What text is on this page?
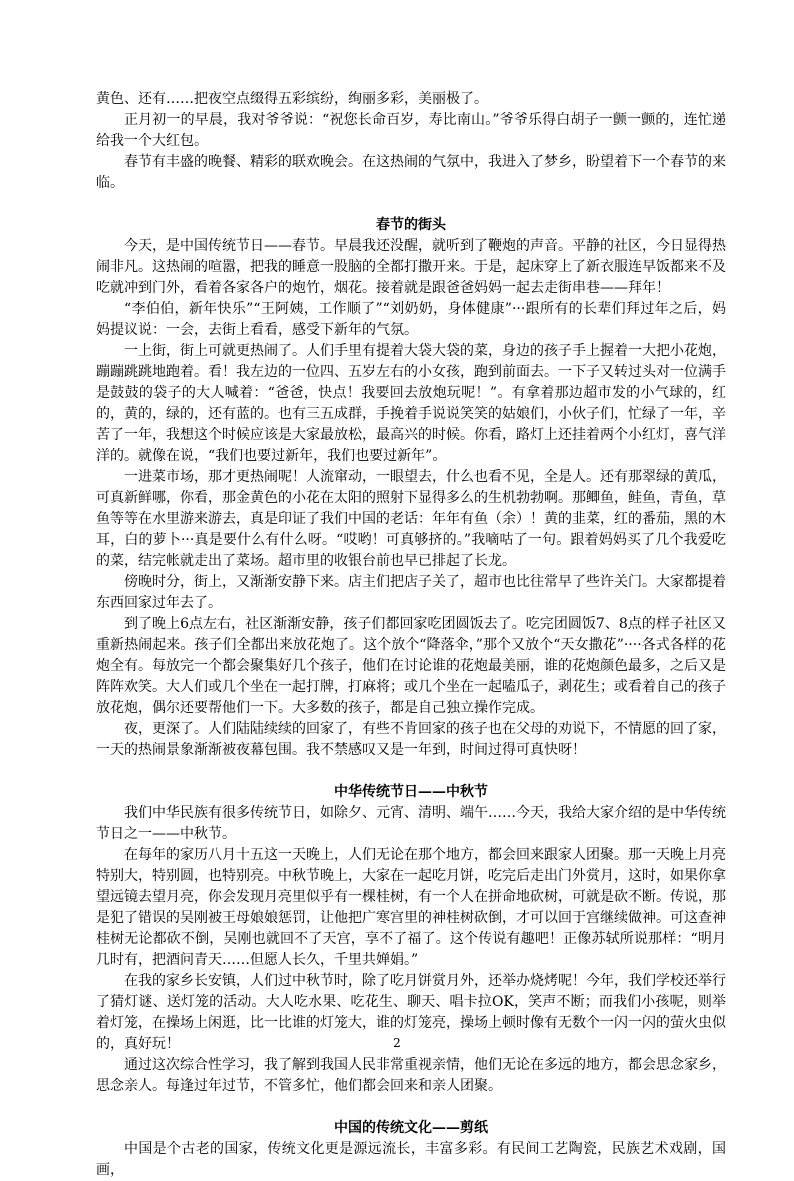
黄色、还有……把夜空点缀得五彩缤纷，绚丽多彩，美丽极了。

正月初一的早晨，我对爷爷说：“祝您长命百岁，寿比南山。”爷爷乐得白胡子一颤一颤的，连忙递给我一个大红包。

春节有丰盛的晚餐、精彩的联欢晚会。在这热闹的气氛中，我进入了梦乡，盼望着下一个春节的来临。

春节的街头

今天，是中国传统节日——春节。早晨我还没醒，就听到了鞭炮的声音。平静的社区，今日显得热闹非凡。这热闹的喧嚣，把我的睡意一股脑的全都打撒开来。于是，起床穿上了新衣服连早饭都来不及吃就冲到门外，看着各家各户的炮竹，烟花。接着就是跟爸爸妈妈一起去走街串巷——拜年！

“李伯伯，新年快乐”“王阿姨，工作顺了”“刘奶奶，身体健康”···跟所有的长辈们拜过年之后，妈妈提议说：一会，去街上看看，感受下新年的气氛。

一上街，街上可就更热闹了。人们手里有提着大袋大袋的菜，身边的孩子手上握着一大把小花炮，蹦蹦跳跳地跑着。看！我左边的一位四、五岁左右的小女孩，跑到前面去。一下子又转过头对一位满手是鼓鼓的袋子的大人喊着：“爸爸，快点！我要回去放炮玩呢！”。有拿着那边超市发的小气球的，红的，黄的，绿的，还有蓝的。也有三五成群，手挽着手说说笑笑的姑娘们，小伙子们，忙绿了一年，辛苦了一年，我想这个时候应该是大家最放松，最高兴的时候。你看，路灯上还挂着两个小红灯，喜气洋洋的。就像在说，“我们也要过新年，我们也要过新年”。

一进菜市场，那才更热闹呢！人流窜动，一眼望去，什么也看不见，全是人。还有那翠绿的黄瓜，可真新鲜哪，你看，那金黄色的小花在太阳的照射下显得多么的生机勃勃啊。那鲫鱼，鲑鱼，青鱼，草鱼等等在水里游来游去，真是印证了我们中国的老话：年年有鱼（余）！黄的韭菜，红的番茄，黑的木耳，白的萝卜···真是要什么有什么呀。“哎哟！可真够挤的。”我嘀咕了一句。跟着妈妈买了几个我爱吃的菜，结完帐就走出了菜场。超市里的收银台前也早已排起了长龙。

傍晚时分，街上，又渐渐安静下来。店主们把店子关了，超市也比往常早了些许关门。大家都提着东西回家过年去了。

到了晚上6点左右，社区渐渐安静，孩子们都回家吃团圆饭去了。吃完团圆饭7、8点的样子社区又重新热闹起来。孩子们全都出来放花炮了。这个放个“降落伞，”那个又放个“天女撒花”····各式各样的花炮全有。每放完一个都会聚集好几个孩子，他们在讨论谁的花炮最美丽，谁的花炮颜色最多，之后又是阵阵欢笑。大人们或几个坐在一起打牌，打麻将；或几个坐在一起嗑瓜子，剥花生；或看着自己的孩子放花炮，偶尔还要帮他们一下。大多数的孩子，都是自己独立操作完成。

夜，更深了。人们陆陆续续的回家了，有些不肯回家的孩子也在父母的劝说下，不情愿的回了家，一天的热闹景象渐渐被夜幕包围。我不禁感叹又是一年到，时间过得可真快呀！

中华传统节日——中秋节

我们中华民族有很多传统节日，如除夕、元宵、清明、端午……今天，我给大家介绍的是中华传统节日之一——中秋节。

在每年的家历八月十五这一天晚上，人们无论在那个地方，都会回来跟家人团聚。那一天晚上月亮特别大，特别圆，也特别亮。中秋节晚上，大家在一起吃月饼，吃完后走出门外赏月，这时，如果你拿望远镜去望月亮，你会发现月亮里似乎有一棵桂树，有一个人在拼命地砍树，可就是砍不断。传说，那是犯了错误的吴刚被王母娘娘惩罚，让他把广寒宫里的神桂树砍倒，才可以回于宫继续做神。可这查神桂树无论都砍不倒，吴刚也就回不了天宫，享不了福了。这个传说有趣吧！正像苏轼所说那样：“明月几时有，把酒问青天……但愿人长久，千里共婵娟。”

在我的家乡长安镇，人们过中秋节时，除了吃月饼赏月外，还举办烧烤呢！今年，我们学校还举行了猜灯谜、送灯笼的活动。大人吃水果、吃花生、聊天、唱卡拉OK，笑声不断；而我们小孩呢，则举着灯笼，在操场上闲逛，比一比谁的灯笼大，谁的灯笼亮，操场上顿时像有无数个一闪一闪的萤火虫似的，真好玩！

通过这次综合性学习，我了解到我国人民非常重视亲情，他们无论在多远的地方，都会思念家乡，思念亲人。每逢过年过节，不管多忙，他们都会回来和亲人团聚。

中国的传统文化——剪纸

中国是个古老的国家，传统文化更是源远流长，丰富多彩。有民间工艺陶瓷，民族艺术戏剧，国画，

2
